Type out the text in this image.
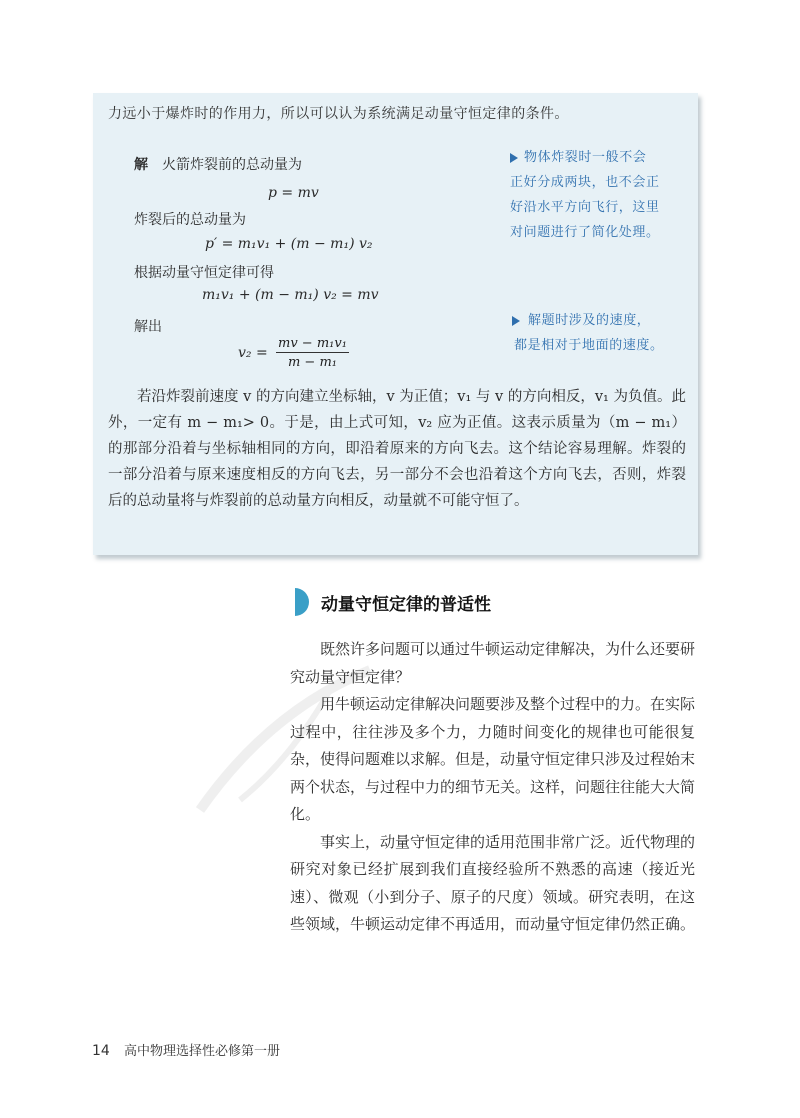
力远小于爆炸时的作用力，所以可以认为系统满足动量守恒定律的条件。
解 火箭炸裂前的总动量为
p = mv
炸裂后的总动量为
p′ = m₁v₁ + (m − m₁) v₂
根据动量守恒定律可得
m₁v₁ + (m − m₁) v₂ = mv
解出
$v_2 = \frac{\text{mv − m₁v₁}}{\text{m − m₁}}$
物体炸裂时一般不会
正好分成两块，也不会正
好沿水平方向飞行，这里
对问题进行了简化处理。
解题时涉及的速度，
都是相对于地面的速度。

若沿炸裂前速度 v 的方向建立坐标轴，v 为正值；v₁ 与 v 的方向相反，v₁ 为负值。此外，一定有 m − m₁> 0。于是，由上式可知，v₂ 应为正值。这表示质量为（m − m₁）的那部分沿着与坐标轴相同的方向，即沿着原来的方向飞去。这个结论容易理解。炸裂的一部分沿着与原来速度相反的方向飞去，另一部分不会也沿着这个方向飞去，否则，炸裂后的总动量将与炸裂前的总动量方向相反，动量就不可能守恒了。

动量守恒定律的普适性

既然许多问题可以通过牛顿运动定律解决，为什么还要研究动量守恒定律？

用牛顿运动定律解决问题要涉及整个过程中的力。在实际过程中，往往涉及多个力，力随时间变化的规律也可能很复杂，使得问题难以求解。但是，动量守恒定律只涉及过程始末两个状态，与过程中力的细节无关。这样，问题往往能大大简化。

事实上，动量守恒定律的适用范围非常广泛。近代物理的研究对象已经扩展到我们直接经验所不熟悉的高速（接近光速）、微观（小到分子、原子的尺度）领域。研究表明，在这些领域，牛顿运动定律不再适用，而动量守恒定律仍然正确。

14 高中物理选择性必修第一册
